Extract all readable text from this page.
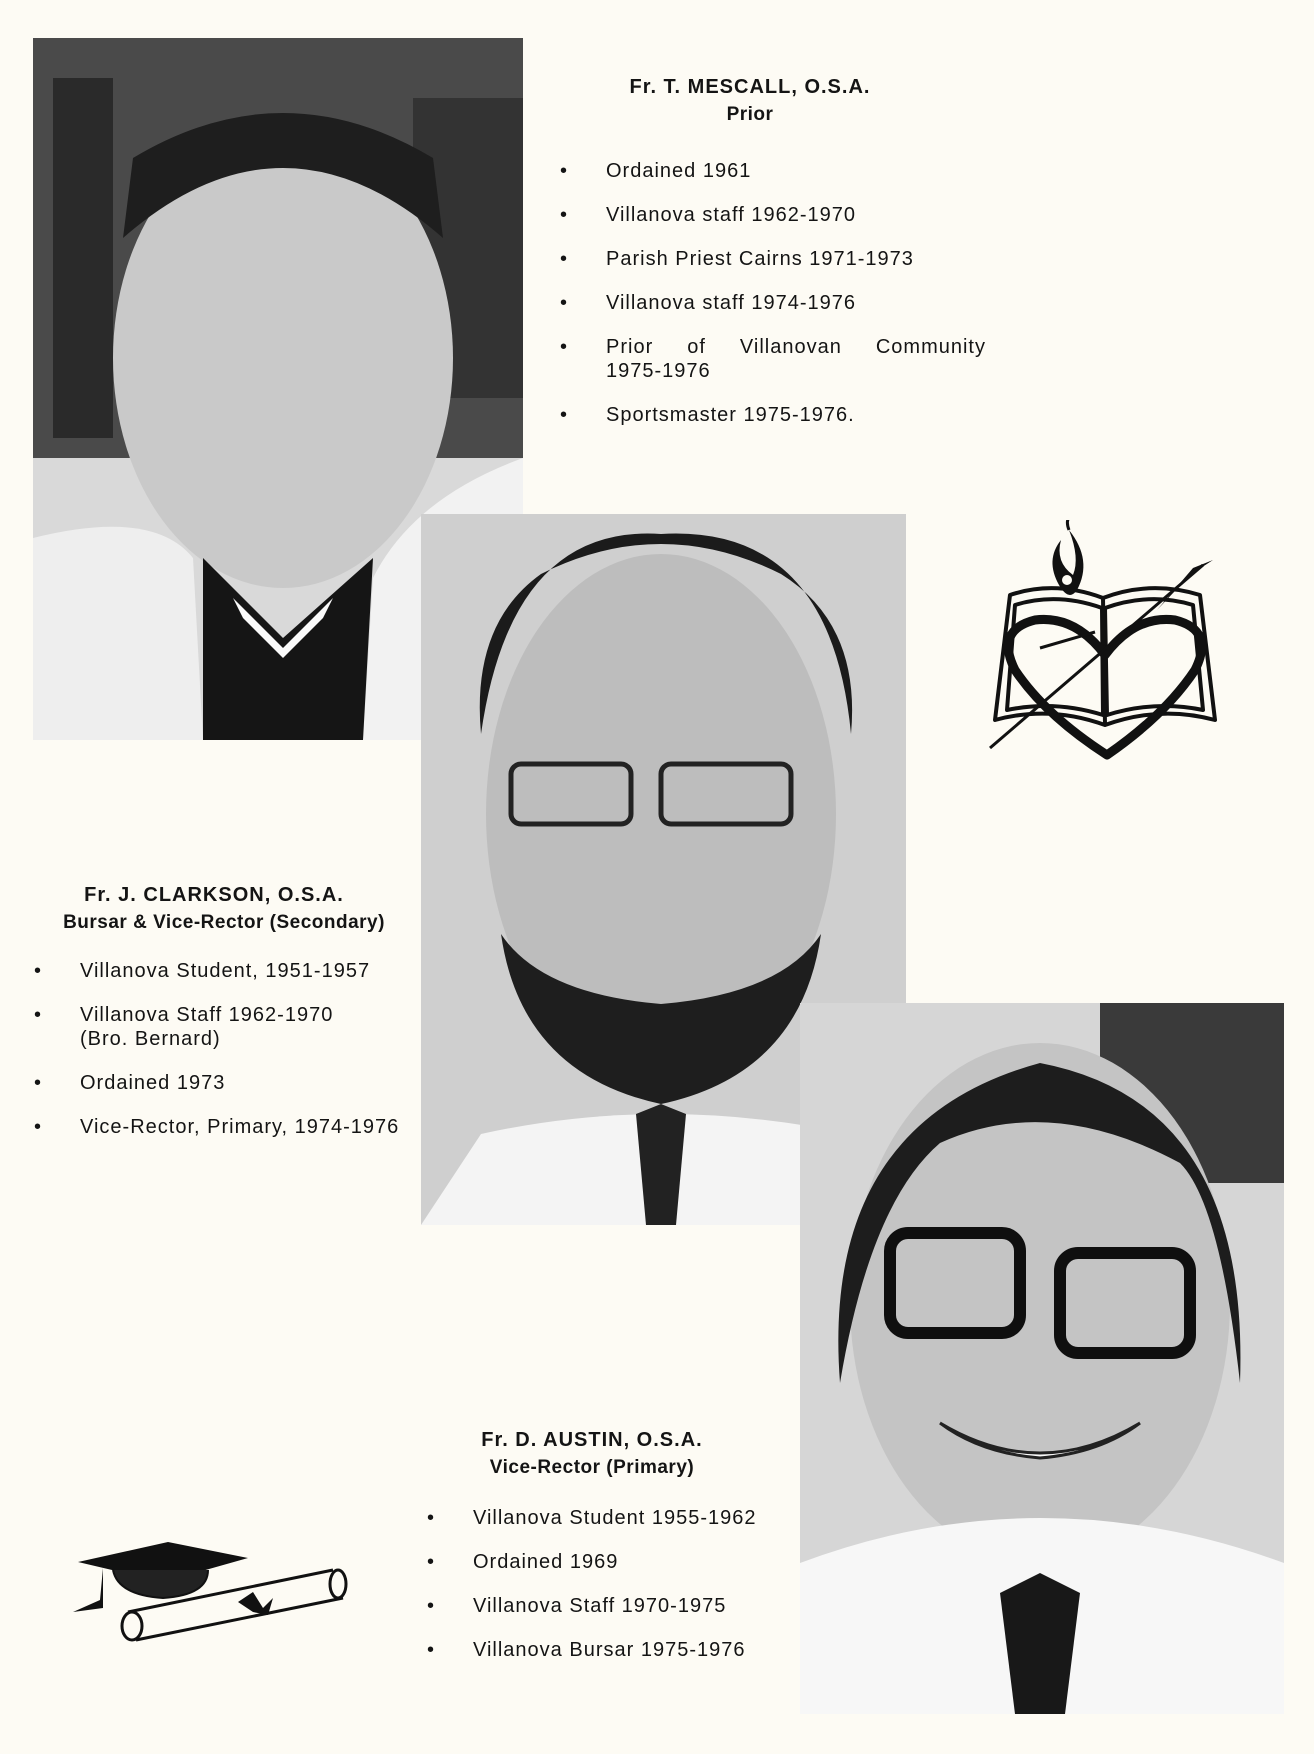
Fr. T. MESCALL, O.S.A.

Prior

• Ordained 1961
• Villanova staff 1962-1970
• Parish Priest Cairns 1971-1973
• Villanova staff 1974-1976
• Prior of Villanovan Community 1975-1976
• Sportsmaster 1975-1976.

Fr. J. CLARKSON, O.S.A.

Bursar & Vice-Rector (Secondary)

• Villanova Student, 1951-1957
• Villanova Staff 1962-1970 (Bro. Bernard)
• Ordained 1973
• Vice-Rector, Primary, 1974-1976

Fr. D. AUSTIN, O.S.A.

Vice-Rector (Primary)

• Villanova Student 1955-1962
• Ordained 1969
• Villanova Staff 1970-1975
• Villanova Bursar 1975-1976
